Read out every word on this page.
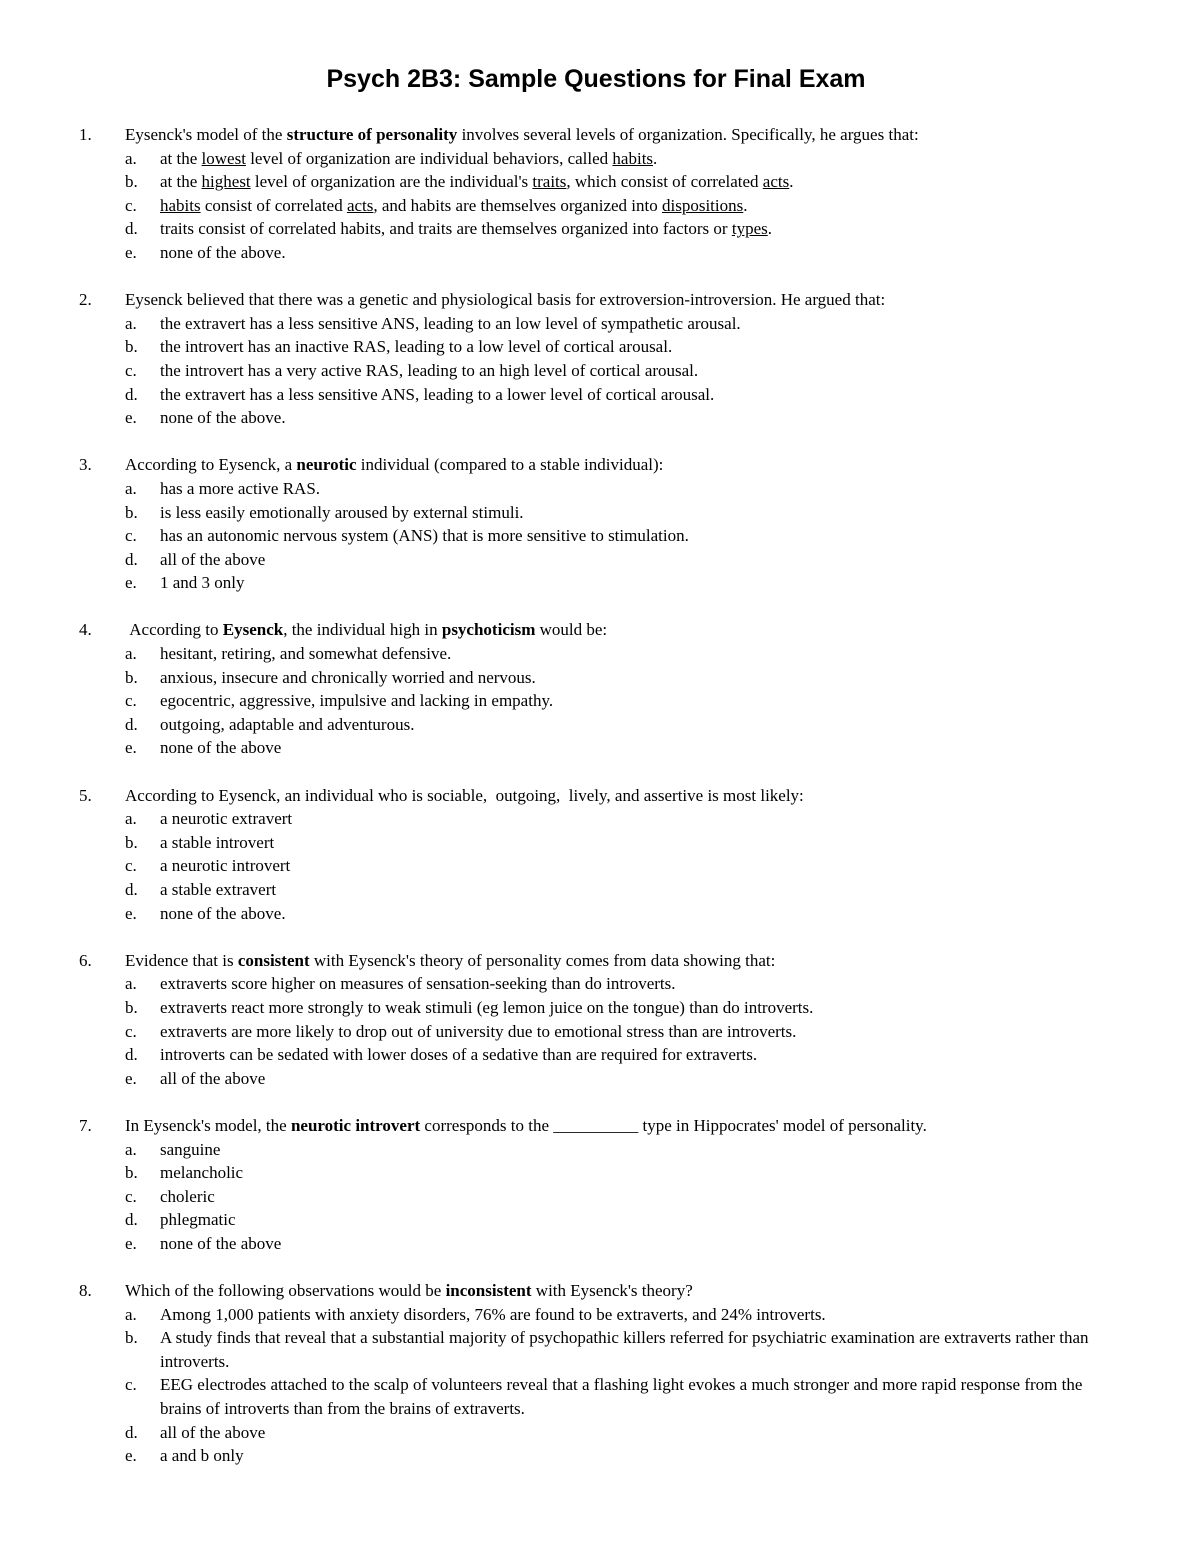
Psych 2B3: Sample Questions for Final Exam
1. Eysenck's model of the structure of personality involves several levels of organization. Specifically, he argues that:
a. at the lowest level of organization are individual behaviors, called habits.
b. at the highest level of organization are the individual's traits, which consist of correlated acts.
c. habits consist of correlated acts, and habits are themselves organized into dispositions.
d. traits consist of correlated habits, and traits are themselves organized into factors or types.
e. none of the above.
2. Eysenck believed that there was a genetic and physiological basis for extroversion-introversion. He argued that:
a. the extravert has a less sensitive ANS, leading to an low level of sympathetic arousal.
b. the introvert has an inactive RAS, leading to a low level of cortical arousal.
c. the introvert has a very active RAS, leading to an high level of cortical arousal.
d. the extravert has a less sensitive ANS, leading to a lower level of cortical arousal.
e. none of the above.
3. According to Eysenck, a neurotic individual (compared to a stable individual):
a. has a more active RAS.
b. is less easily emotionally aroused by external stimuli.
c. has an autonomic nervous system (ANS) that is more sensitive to stimulation.
d. all of the above
e. 1 and 3 only
4. According to Eysenck, the individual high in psychoticism would be:
a. hesitant, retiring, and somewhat defensive.
b. anxious, insecure and chronically worried and nervous.
c. egocentric, aggressive, impulsive and lacking in empathy.
d. outgoing, adaptable and adventurous.
e. none of the above
5. According to Eysenck, an individual who is sociable,  outgoing,  lively, and assertive is most likely:
a. a neurotic extravert
b. a stable introvert
c. a neurotic introvert
d. a stable extravert
e. none of the above.
6. Evidence that is consistent with Eysenck's theory of personality comes from data showing that:
a. extraverts score higher on measures of sensation-seeking than do introverts.
b. extraverts react more strongly to weak stimuli (eg lemon juice on the tongue) than do introverts.
c. extraverts are more likely to drop out of university due to emotional stress than are introverts.
d. introverts can be sedated with lower doses of a sedative than are required for extraverts.
e. all of the above
7. In Eysenck's model, the neurotic introvert corresponds to the __________ type in Hippocrates' model of personality.
a. sanguine
b. melancholic
c. choleric
d. phlegmatic
e. none of the above
8. Which of the following observations would be inconsistent with Eysenck's theory?
a. Among 1,000 patients with anxiety disorders, 76% are found to be extraverts, and 24% introverts.
b. A study finds that reveal that a substantial majority of psychopathic killers referred for psychiatric examination are extraverts rather than introverts.
c. EEG electrodes attached to the scalp of volunteers reveal that a flashing light evokes a much stronger and more rapid response from the brains of introverts than from the brains of extraverts.
d. all of the above
e. a and b only
